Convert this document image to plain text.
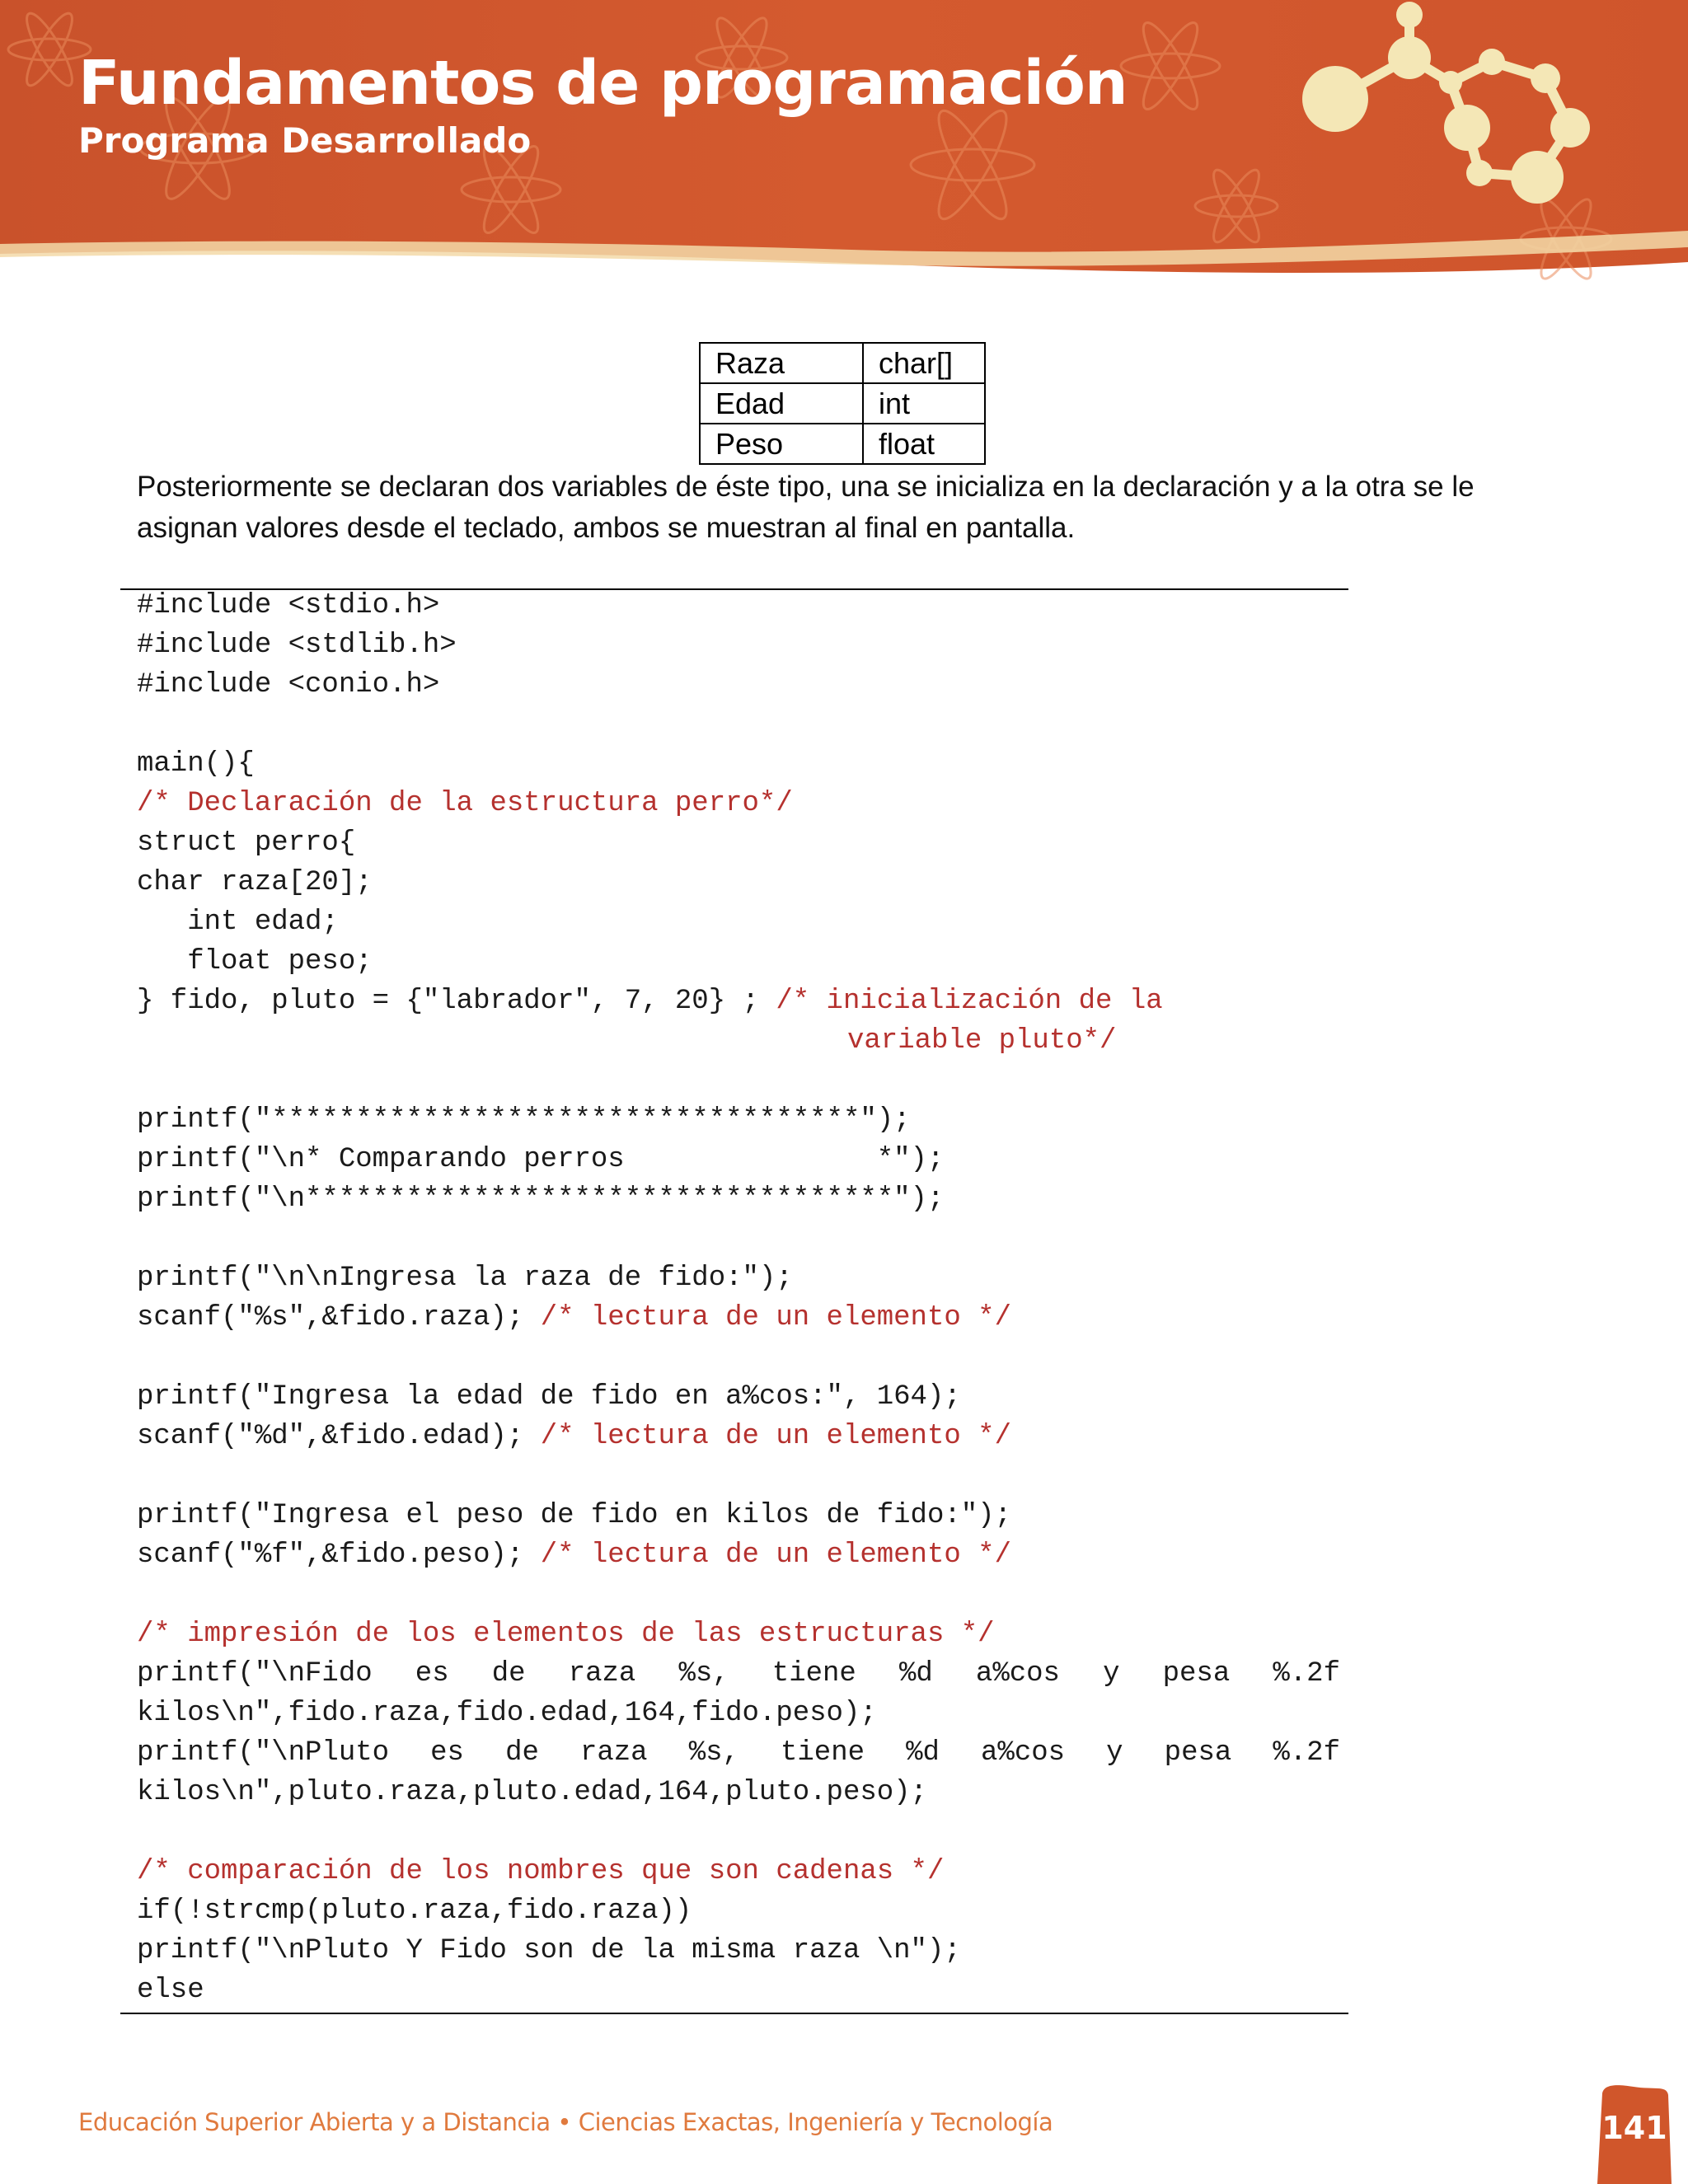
Fundamentos de programación
Programa Desarrollado
Raza	char[]
Edad	int
Peso	float

Posteriormente se declaran dos variables de éste tipo, una se inicializa en la declaración y a la otra se le asignan valores desde el teclado, ambos se muestran al final en pantalla.

#include <stdio.h>
#include <stdlib.h>
#include <conio.h>
main(){
/* Declaración de la estructura perro*/
struct perro{
char raza[20];
int edad;
float peso;
} fido, pluto = {"labrador", 7, 20} ; /* inicialización de la
variable pluto*/
printf("***********************************");
printf("\n* Comparando perros               *");
printf("\n***********************************");
printf("\n\nIngresa la raza de fido:");
scanf("%s",&fido.raza); /* lectura de un elemento */
printf("Ingresa la edad de fido en a%cos:", 164);
scanf("%d",&fido.edad); /* lectura de un elemento */
printf("Ingresa el peso de fido en kilos de fido:");
scanf("%f",&fido.peso); /* lectura de un elemento */
/* impresión de los elementos de las estructuras */
printf("\nFido es de raza %s, tiene %d a%cos y pesa %.2f
kilos\n",fido.raza,fido.edad,164,fido.peso);
printf("\nPluto es de raza %s, tiene %d a%cos y pesa %.2f
kilos\n",pluto.raza,pluto.edad,164,pluto.peso);
/* comparación de los nombres que son cadenas */
if(!strcmp(pluto.raza,fido.raza))
printf("\nPluto Y Fido son de la misma raza \n");
else

Educación Superior Abierta y a Distancia • Ciencias Exactas, Ingeniería y Tecnología	141
